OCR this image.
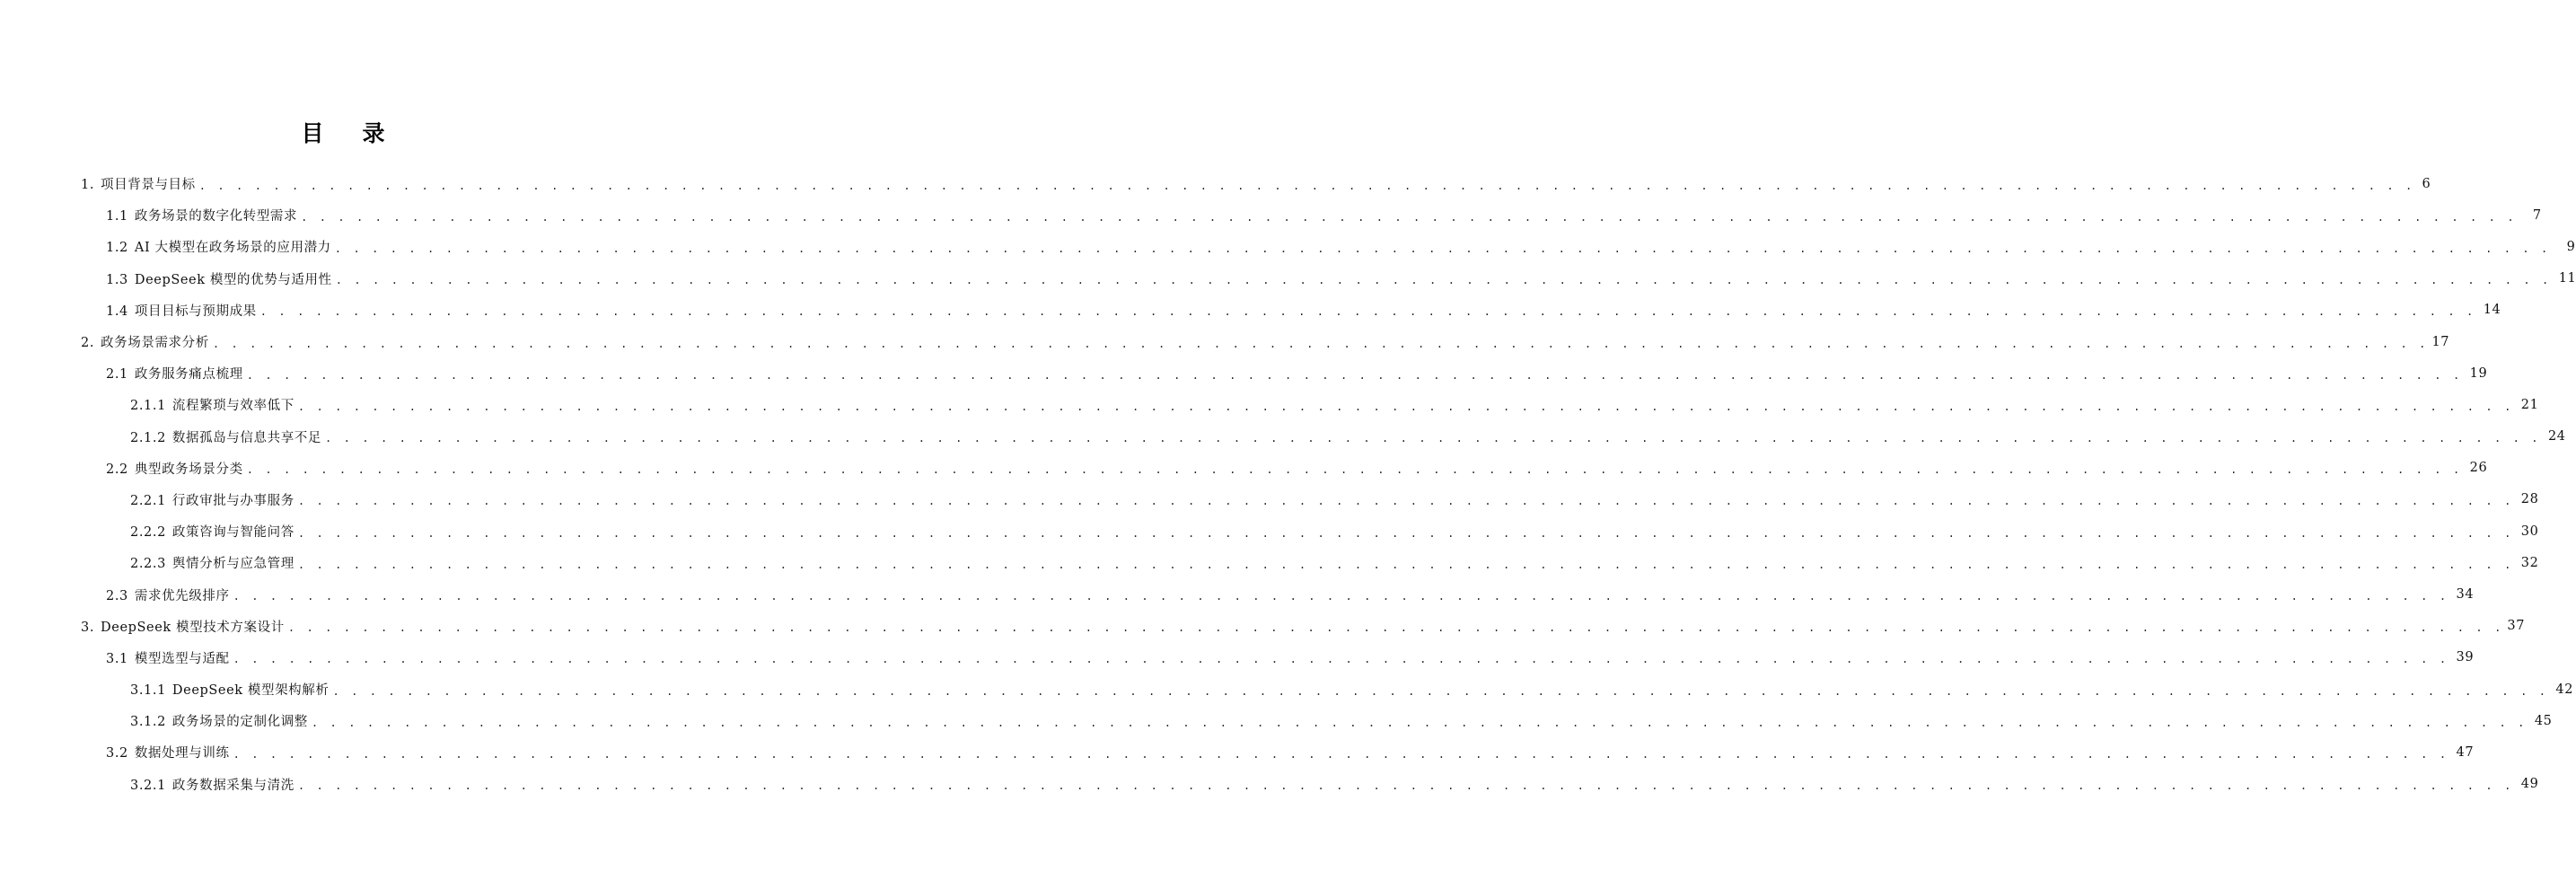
目 录
1. 项目背景与目标 . . . . . . . . . . . . . . . . . . . . . . . . . . . . . . . . . . . . . . . . . . . . . . . . . . . . . . . . . . . . . . . . . . . . . . . . . . . . . . . . . . . . . . . . . . . . . . . . . . . . . . . . . . . . . . . . . . . . . . . . 6
1.1 政务场景的数字化转型需求 . . . . . . . . . . . . . . . . . . . . . . . . . . . . . . . . . . . . . . . . . . . . . . . . . . . . . . . . . . . . . . . . . . . . . . . . . . . . . . . . . . . . . . . . . . . . . . . . . . . . . . . . . . . . . . . . . . . . . . . .	7
1.2 AI 大模型在政务场景的应用潜力 . . . . . . . . . . . . . . . . . . . . . . . . . . . . . . . . . . . . . . . . . . . . . . . . . . . . . . . . . . . . . . . . . . . . . . . . . . . . . . . . . . . . . . . . . . . . . . . . . . . . . . . . . . . . . . . . . . . . . . . .	9
1.3 DeepSeek 模型的优势与适用性 . . . . . . . . . . . . . . . . . . . . . . . . . . . . . . . . . . . . . . . . . . . . . . . . . . . . . . . . . . . . . . . . . . . . . . . . . . . . . . . . . . . . . . . . . . . . . . . . . . . . . . . . . . . . . . . . . . . . . . . . 11
1.4 项目目标与预期成果 . . . . . . . . . . . . . . . . . . . . . . . . . . . . . . . . . . . . . . . . . . . . . . . . . . . . . . . . . . . . . . . . . . . . . . . . . . . . . . . . . . . . . . . . . . . . . . . . . . . . . . . . . . . . . . . . . . . . . . . . 14
2. 政务场景需求分析 . . . . . . . . . . . . . . . . . . . . . . . . . . . . . . . . . . . . . . . . . . . . . . . . . . . . . . . . . . . . . . . . . . . . . . . . . . . . . . . . . . . . . . . . . . . . . . . . . . . . . . . . . . . . . . . . . . . . . . . . 17
2.1 政务服务痛点梳理 . . . . . . . . . . . . . . . . . . . . . . . . . . . . . . . . . . . . . . . . . . . . . . . . . . . . . . . . . . . . . . . . . . . . . . . . . . . . . . . . . . . . . . . . . . . . . . . . . . . . . . . . . . . . . . . . . . . . . . . . 19
2.1.1 流程繁琐与效率低下 . . . . . . . . . . . . . . . . . . . . . . . . . . . . . . . . . . . . . . . . . . . . . . . . . . . . . . . . . . . . . . . . . . . . . . . . . . . . . . . . . . . . . . . . . . . . . . . . . . . . . . . . . . . . . . . . . . . . . . . . 21
2.1.2 数据孤岛与信息共享不足 . . . . . . . . . . . . . . . . . . . . . . . . . . . . . . . . . . . . . . . . . . . . . . . . . . . . . . . . . . . . . . . . . . . . . . . . . . . . . . . . . . . . . . . . . . . . . . . . . . . . . . . . . . . . . . . . . . . . . . . . 24
2.2 典型政务场景分类 . . . . . . . . . . . . . . . . . . . . . . . . . . . . . . . . . . . . . . . . . . . . . . . . . . . . . . . . . . . . . . . . . . . . . . . . . . . . . . . . . . . . . . . . . . . . . . . . . . . . . . . . . . . . . . . . . . . . . . . . 26
2.2.1 行政审批与办事服务 . . . . . . . . . . . . . . . . . . . . . . . . . . . . . . . . . . . . . . . . . . . . . . . . . . . . . . . . . . . . . . . . . . . . . . . . . . . . . . . . . . . . . . . . . . . . . . . . . . . . . . . . . . . . . . . . . . . . . . . . 28
2.2.2 政策咨询与智能问答 . . . . . . . . . . . . . . . . . . . . . . . . . . . . . . . . . . . . . . . . . . . . . . . . . . . . . . . . . . . . . . . . . . . . . . . . . . . . . . . . . . . . . . . . . . . . . . . . . . . . . . . . . . . . . . . . . . . . . . . . 30
2.2.3 舆情分析与应急管理 . . . . . . . . . . . . . . . . . . . . . . . . . . . . . . . . . . . . . . . . . . . . . . . . . . . . . . . . . . . . . . . . . . . . . . . . . . . . . . . . . . . . . . . . . . . . . . . . . . . . . . . . . . . . . . . . . . . . . . . . 32
2.3 需求优先级排序 . . . . . . . . . . . . . . . . . . . . . . . . . . . . . . . . . . . . . . . . . . . . . . . . . . . . . . . . . . . . . . . . . . . . . . . . . . . . . . . . . . . . . . . . . . . . . . . . . . . . . . . . . . . . . . . . . . . . . . . . 34
3. DeepSeek 模型技术方案设计 . . . . . . . . . . . . . . . . . . . . . . . . . . . . . . . . . . . . . . . . . . . . . . . . . . . . . . . . . . . . . . . . . . . . . . . . . . . . . . . . . . . . . . . . . . . . . . . . . . . . . . . . . . . . . . . . . . . . . . . . 37
3.1 模型选型与适配 . . . . . . . . . . . . . . . . . . . . . . . . . . . . . . . . . . . . . . . . . . . . . . . . . . . . . . . . . . . . . . . . . . . . . . . . . . . . . . . . . . . . . . . . . . . . . . . . . . . . . . . . . . . . . . . . . . . . . . . . 39
3.1.1 DeepSeek 模型架构解析 . . . . . . . . . . . . . . . . . . . . . . . . . . . . . . . . . . . . . . . . . . . . . . . . . . . . . . . . . . . . . . . . . . . . . . . . . . . . . . . . . . . . . . . . . . . . . . . . . . . . . . . . . . . . . . . . . . . . . . . . 42
3.1.2 政务场景的定制化调整 . . . . . . . . . . . . . . . . . . . . . . . . . . . . . . . . . . . . . . . . . . . . . . . . . . . . . . . . . . . . . . . . . . . . . . . . . . . . . . . . . . . . . . . . . . . . . . . . . . . . . . . . . . . . . . . . . . . . . . . . 45
3.2 数据处理与训练 . . . . . . . . . . . . . . . . . . . . . . . . . . . . . . . . . . . . . . . . . . . . . . . . . . . . . . . . . . . . . . . . . . . . . . . . . . . . . . . . . . . . . . . . . . . . . . . . . . . . . . . . . . . . . . . . . . . . . . . . 47
3.2.1 政务数据采集与清洗 . . . . . . . . . . . . . . . . . . . . . . . . . . . . . . . . . . . . . . . . . . . . . . . . . . . . . . . . . . . . . . . . . . . . . . . . . . . . . . . . . . . . . . . . . . . . . . . . . . . . . . . . . . . . . . . . . . . . . . . . 49
